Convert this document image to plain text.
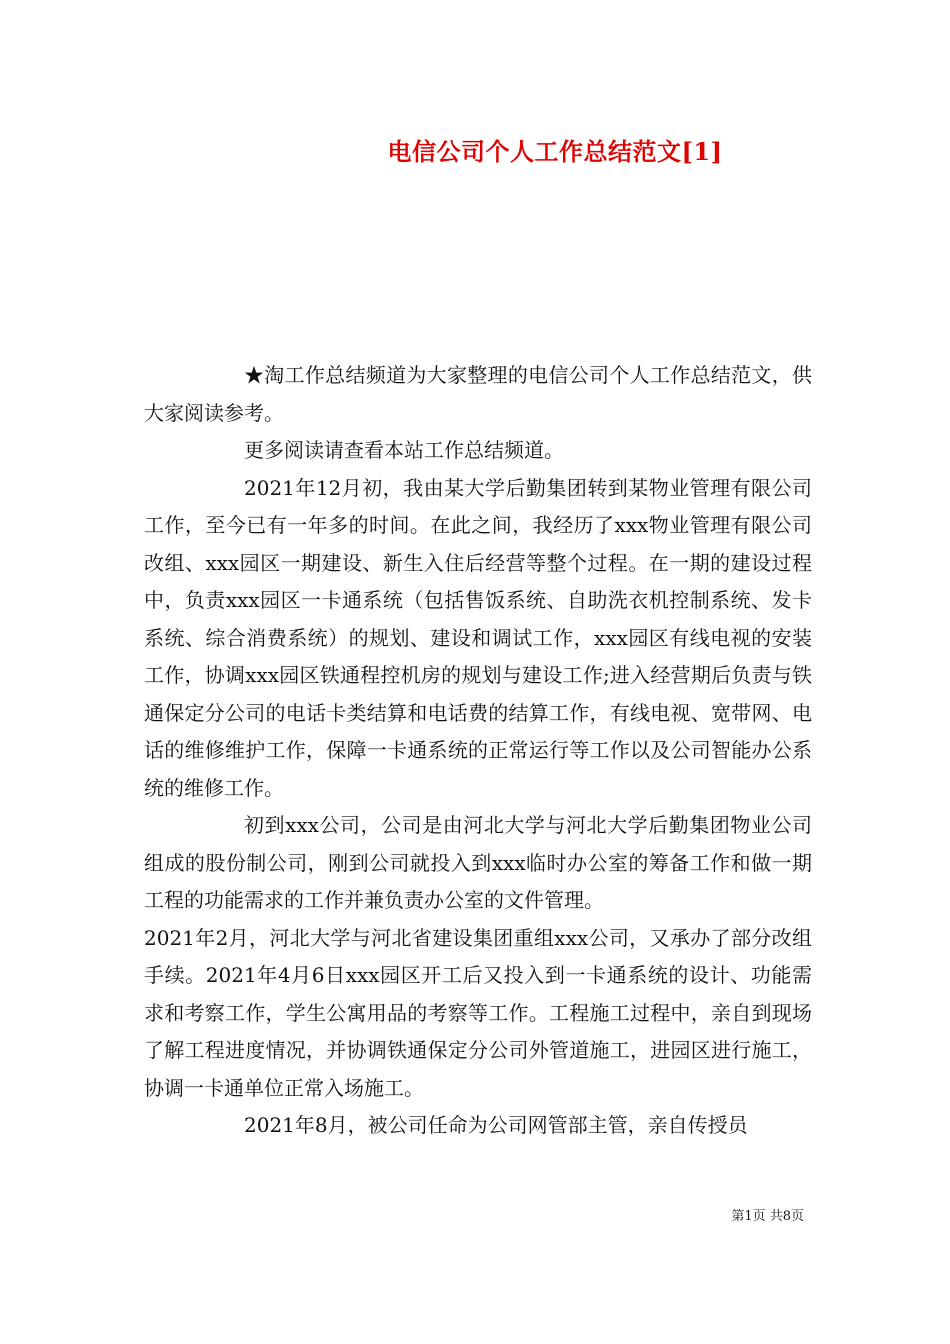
电信公司个人工作总结范文[1]

★淘工作总结频道为大家整理的电信公司个人工作总结范文，供大家阅读参考。

更多阅读请查看本站工作总结频道。

2021年12月初，我由某大学后勤集团转到某物业管理有限公司工作，至今已有一年多的时间。在此之间，我经历了xxx物业管理有限公司改组、xxx园区一期建设、新生入住后经营等整个过程。在一期的建设过程中，负责xxx园区一卡通系统（包括售饭系统、自助洗衣机控制系统、发卡系统、综合消费系统）的规划、建设和调试工作，xxx园区有线电视的安装工作，协调xxx园区铁通程控机房的规划与建设工作;进入经营期后负责与铁通保定分公司的电话卡类结算和电话费的结算工作，有线电视、宽带网、电话的维修维护工作，保障一卡通系统的正常运行等工作以及公司智能办公系统的维修工作。

初到xxx公司，公司是由河北大学与河北大学后勤集团物业公司组成的股份制公司，刚到公司就投入到xxx临时办公室的筹备工作和做一期工程的功能需求的工作并兼负责办公室的文件管理。

2021年2月，河北大学与河北省建设集团重组xxx公司，又承办了部分改组手续。2021年4月6日xxx园区开工后又投入到一卡通系统的设计、功能需求和考察工作，学生公寓用品的考察等工作。工程施工过程中，亲自到现场了解工程进度情况，并协调铁通保定分公司外管道施工，进园区进行施工，协调一卡通单位正常入场施工。

2021年8月，被公司任命为公司网管部主管，亲自传授员

第1页 共8页
